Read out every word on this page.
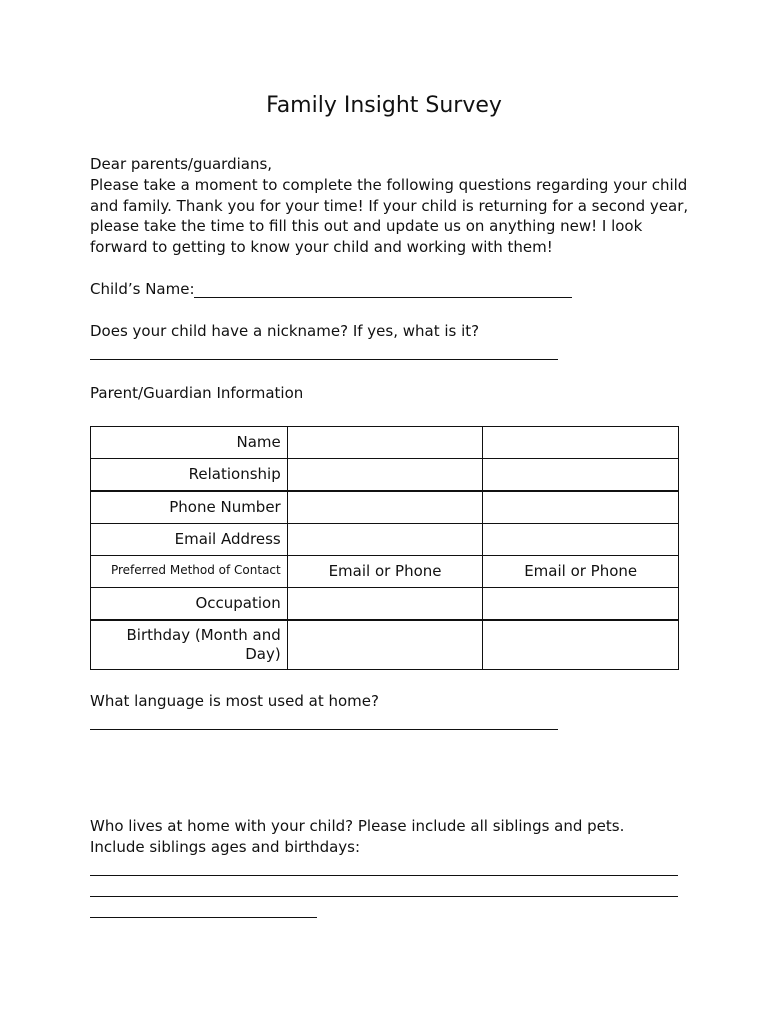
Family Insight Survey

Dear parents/guardians,

Please take a moment to complete the following questions regarding your child and family. Thank you for your time! If your child is returning for a second year, please take the time to fill this out and update us on anything new! I look forward to getting to know your child and working with them!

Child’s Name:
Does your child have a nickname? If yes, what is it?
Parent/Guardian Information
Name		
Relationship		
Phone Number		
Email Address		
Preferred Method of Contact	Email or Phone	Email or Phone
Occupation		
Birthday (Month and Day)		
What language is most used at home?
Who lives at home with your child? Please include all siblings and pets.
Include siblings ages and birthdays:
